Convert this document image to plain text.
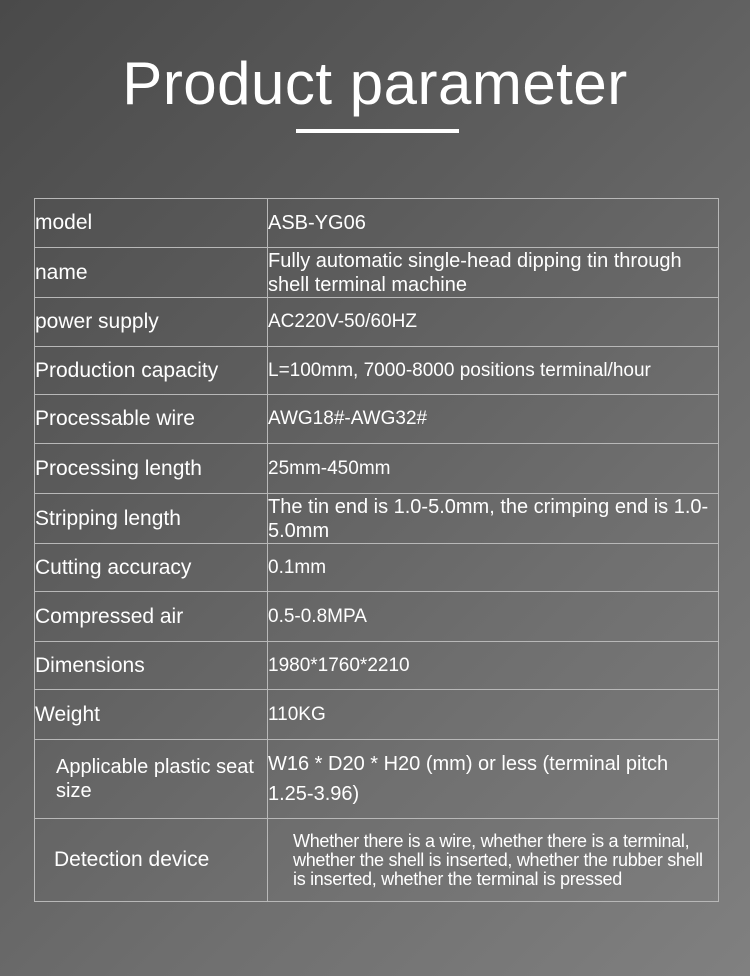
Product parameter
model	ASB-YG06
name	Fully automatic single-head dipping tin through shell terminal machine
power supply	AC220V-50/60HZ
Production capacity	L=100mm, 7000-8000 positions terminal/hour
Processable wire	AWG18#-AWG32#
Processing length	25mm-450mm
Stripping length	The tin end is 1.0-5.0mm, the crimping end is 1.0-5.0mm
Cutting accuracy	0.1mm
Compressed air	0.5-0.8MPA
Dimensions	1980*1760*2210
Weight	110KG
Applicable plastic seat size	W16 * D20 * H20 (mm) or less (terminal pitch 1.25-3.96)
Detection device	Whether there is a wire, whether there is a terminal, whether the shell is inserted, whether the rubber shell is inserted, whether the terminal is pressed
